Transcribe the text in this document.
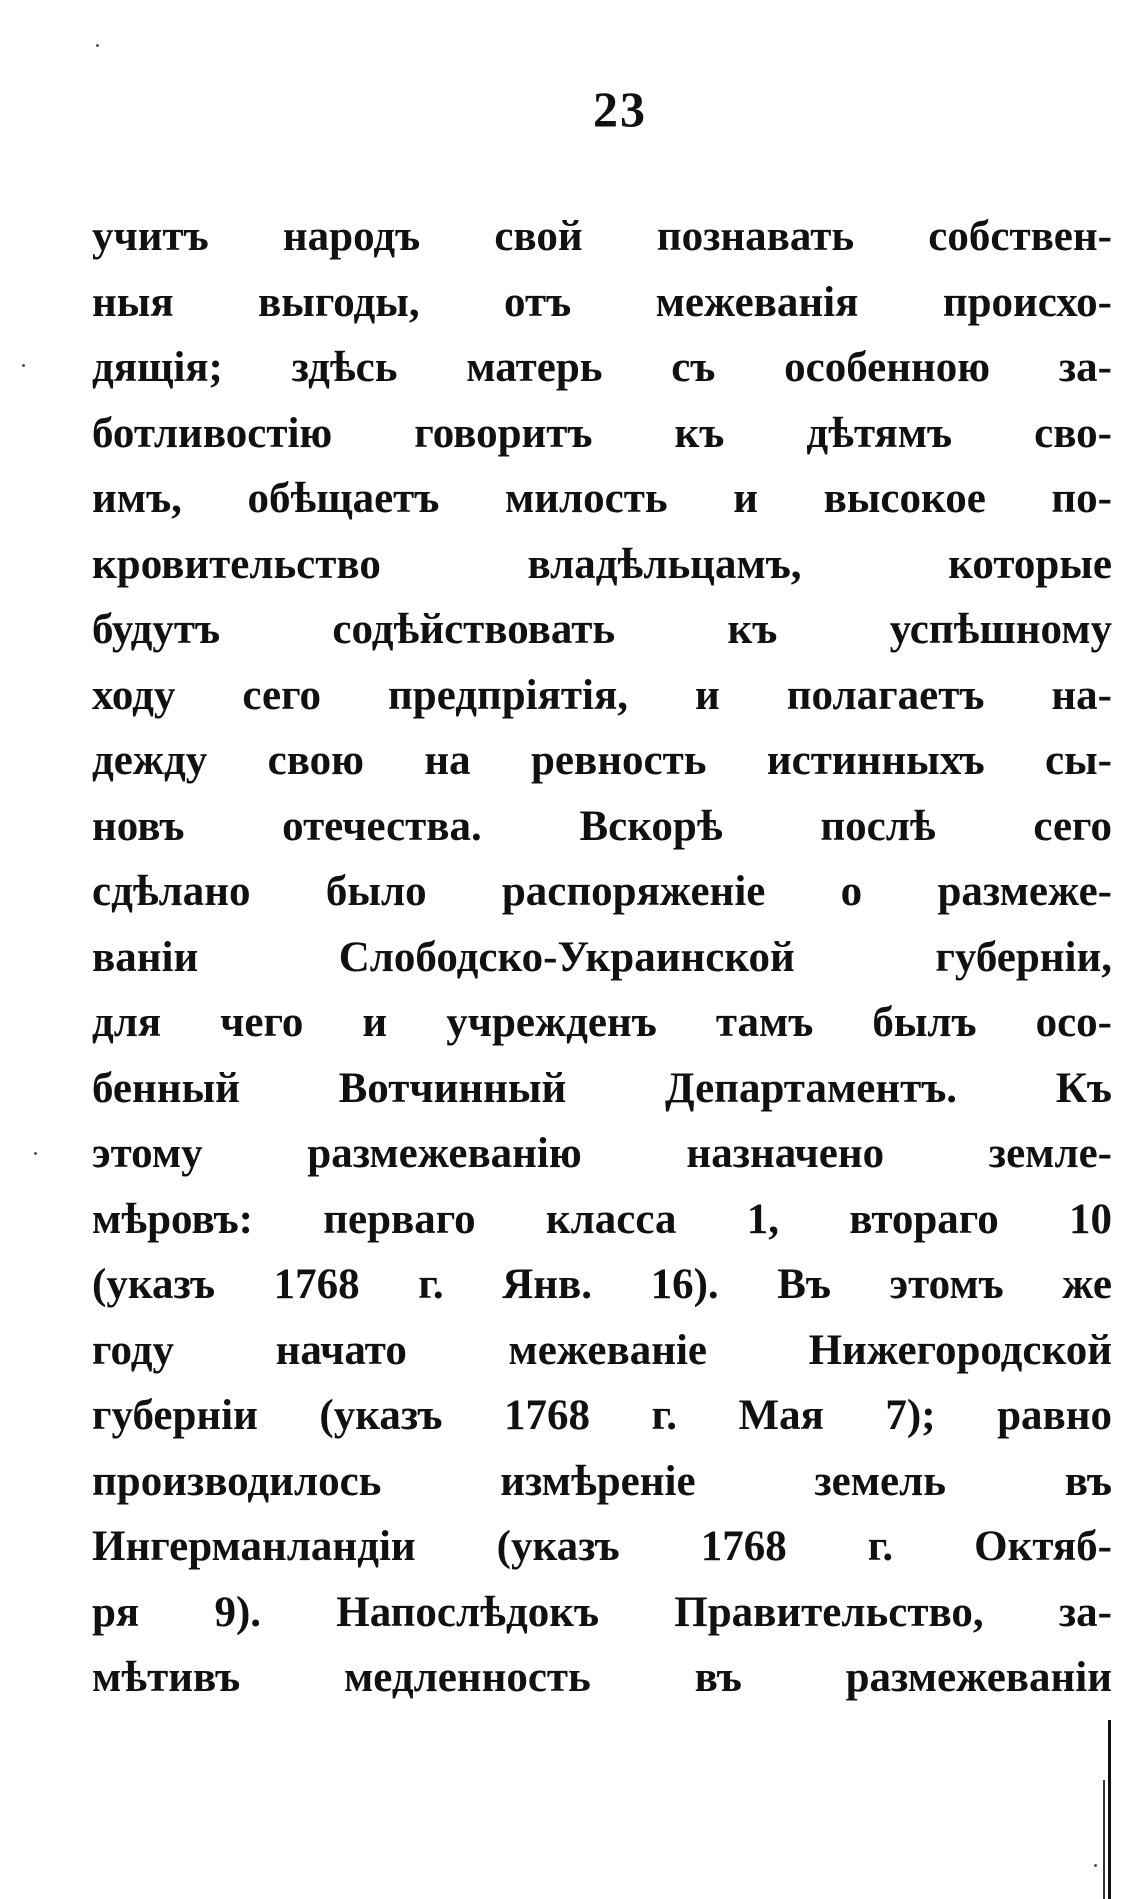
23
учитъ народъ свой познавать собствен-
ныя выгоды, отъ межеванія происхо-
дящія; здѣсь матерь съ особенною за-
ботливостію говоритъ къ дѣтямъ сво-
имъ, обѣщаетъ милость и высокое по-
кровительство владѣльцамъ, которые
будутъ содѣйствовать къ успѣшному
ходу сего предпріятія, и полагаетъ на-
дежду свою на ревность истинныхъ сы-
новъ отечества. Вскорѣ послѣ сего
сдѣлано было распоряженіе о размеже-
ваніи Слободско-Украинской губерніи,
для чего и учрежденъ тамъ былъ осо-
бенный Вотчинный Департаментъ. Къ
этому размежеванію назначено земле-
мѣровъ: перваго класса 1, втораго 10
(указъ 1768 г. Янв. 16). Въ этомъ же
году начато межеваніе Нижегородской
губерніи (указъ 1768 г. Мая 7); равно
производилось измѣреніе земель въ
Ингерманландіи (указъ 1768 г. Октяб-
ря 9). Напослѣдокъ Правительство, за-
мѣтивъ медленность въ размежеваніи
